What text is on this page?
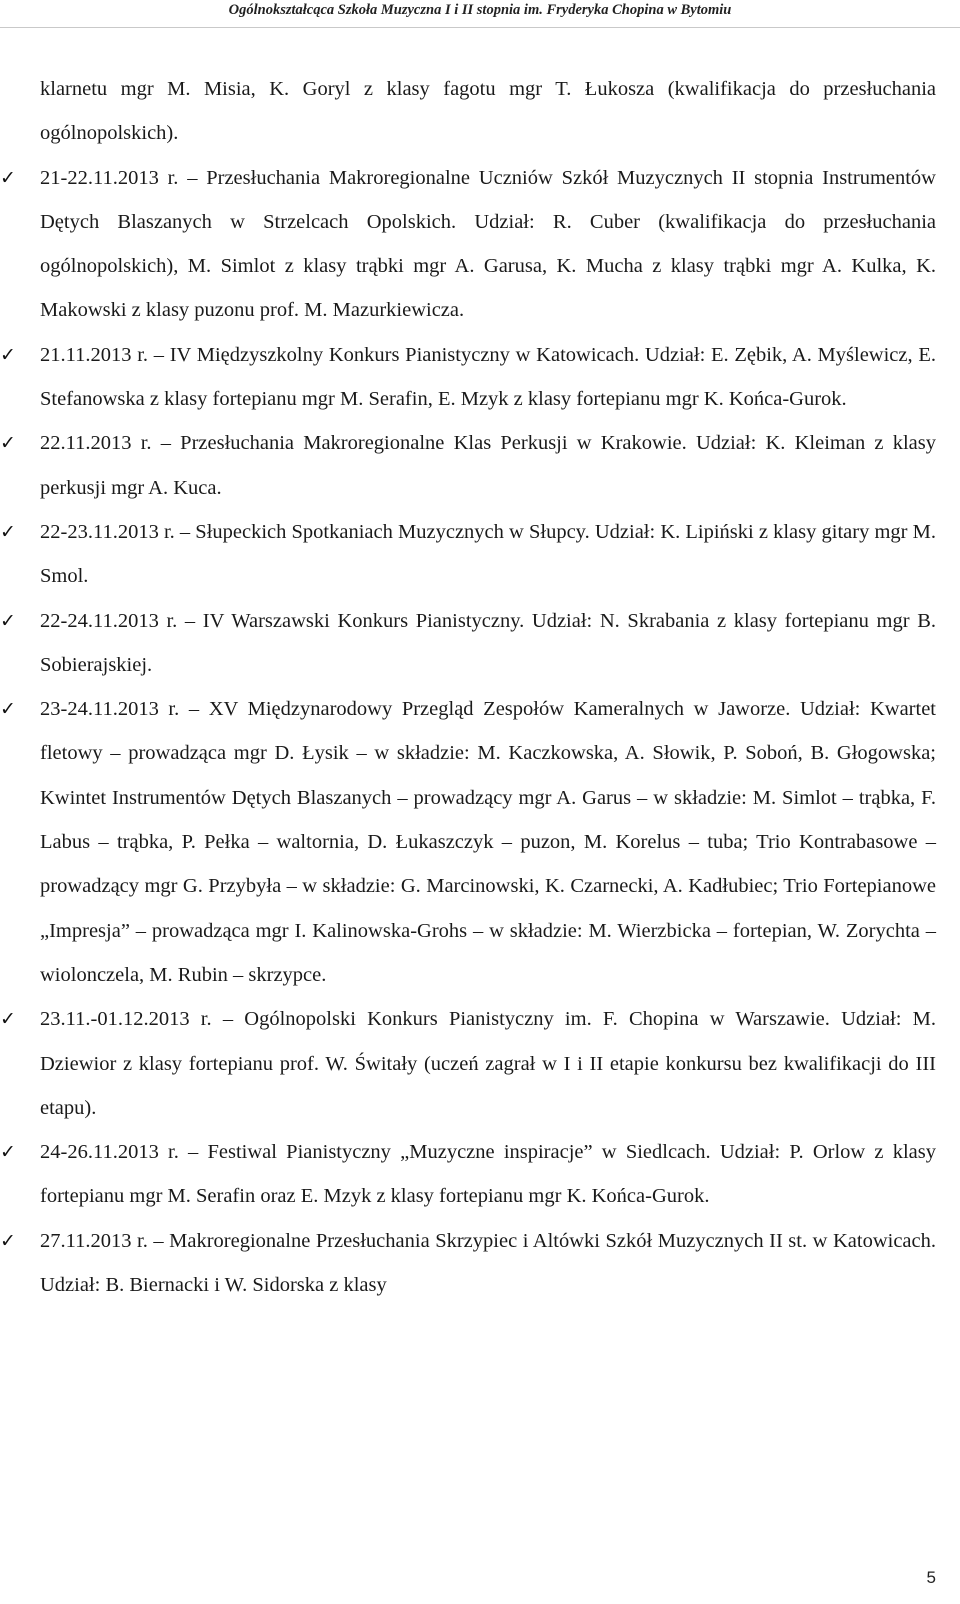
Ogólnokształcąca Szkoła Muzyczna I i II stopnia im. Fryderyka Chopina w Bytomiu

klarnetu mgr M. Misia, K. Goryl z klasy fagotu mgr T. Łukosza (kwalifikacja do przesłuchania ogólnopolskich).

✓ 21-22.11.2013 r. – Przesłuchania Makroregionalne Uczniów Szkół Muzycznych II stopnia Instrumentów Dętych Blaszanych w Strzelcach Opolskich. Udział: R. Cuber (kwalifikacja do przesłuchania ogólnopolskich), M. Simlot z klasy trąbki mgr A. Garusa, K. Mucha z klasy trąbki mgr A. Kulka, K. Makowski z klasy puzonu prof. M. Mazurkiewicza.
✓ 21.11.2013 r. – IV Międzyszkolny Konkurs Pianistyczny w Katowicach. Udział: E. Zębik, A. Myślewicz, E. Stefanowska z klasy fortepianu mgr M. Serafin, E. Mzyk z klasy fortepianu mgr K. Końca-Gurok.
✓ 22.11.2013 r. – Przesłuchania Makroregionalne Klas Perkusji w Krakowie. Udział: K. Kleiman z klasy perkusji mgr A. Kuca.
✓ 22-23.11.2013 r. – Słupeckich Spotkaniach Muzycznych w Słupcy. Udział: K. Lipiński z klasy gitary mgr M. Smol.
✓ 22-24.11.2013 r. – IV Warszawski Konkurs Pianistyczny. Udział: N. Skrabania z klasy fortepianu mgr B. Sobierajskiej.
✓ 23-24.11.2013 r. – XV Międzynarodowy Przegląd Zespołów Kameralnych w Jaworze. Udział: Kwartet fletowy – prowadząca mgr D. Łysik – w składzie: M. Kaczkowska, A. Słowik, P. Soboń, B. Głogowska; Kwintet Instrumentów Dętych Blaszanych – prowadzący mgr A. Garus – w składzie: M. Simlot – trąbka, F. Labus – trąbka, P. Pełka – waltornia, D. Łukaszczyk – puzon, M. Korelus – tuba; Trio Kontrabasowe – prowadzący mgr G. Przybyła – w składzie: G. Marcinowski, K. Czarnecki, A. Kadłubiec; Trio Fortepianowe „Impresja” – prowadząca mgr I. Kalinowska-Grohs – w składzie: M. Wierzbicka – fortepian, W. Zorychta – wiolonczela, M. Rubin – skrzypce.
✓ 23.11.-01.12.2013 r. – Ogólnopolski Konkurs Pianistyczny im. F. Chopina w Warszawie. Udział: M. Dziewior z klasy fortepianu prof. W. Świtały (uczeń zagrał w I i II etapie konkursu bez kwalifikacji do III etapu).
✓ 24-26.11.2013 r. – Festiwal Pianistyczny „Muzyczne inspiracje” w Siedlcach. Udział: P. Orlow z klasy fortepianu mgr M. Serafin oraz E. Mzyk z klasy fortepianu mgr K. Końca-Gurok.
✓ 27.11.2013 r. – Makroregionalne Przesłuchania Skrzypiec i Altówki Szkół Muzycznych II st. w Katowicach. Udział: B. Biernacki i W. Sidorska z klasy
5
